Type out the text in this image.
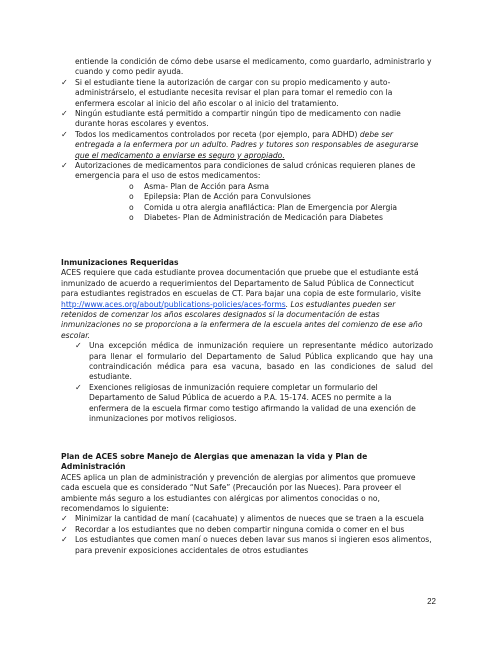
entiende la condición de cómo debe usarse el medicamento, como guardarlo, administrarlo y cuando y como pedir ayuda.
✓ Si el estudiante tiene la autorización de cargar con su propio medicamento y auto-administrárselo, el estudiante necesita revisar el plan para tomar el remedio con la enfermera escolar al inicio del año escolar o al inicio del tratamiento.
✓ Ningún estudiante está permitido a compartir ningún tipo de medicamento con nadie durante horas escolares y eventos.
✓ Todos los medicamentos controlados por receta (por ejemplo, para ADHD) debe ser entregada a la enfermera por un adulto. Padres y tutores son responsables de asegurarse que el medicamento a enviarse es seguro y apropiado.
✓ Autorizaciones de medicamentos para condiciones de salud crónicas requieren planes de emergencia para el uso de estos medicamentos:
o Asma- Plan de Acción para Asma
o Epilepsia: Plan de Acción para Convulsiones
o Comida u otra alergia anafiláctica: Plan de Emergencia por Alergia
o Diabetes- Plan de Administración de Medicación para Diabetes
Inmunizaciones Requeridas
ACES requiere que cada estudiante provea documentación que pruebe que el estudiante está inmunizado de acuerdo a requerimientos del Departamento de Salud Pública de Connecticut para estudiantes registrados en escuelas de CT. Para bajar una copia de este formulario, visite http://www.aces.org/about/publications-policies/aces-forms. Los estudiantes pueden ser retenidos de comenzar los años escolares designados si la documentación de estas inmunizaciones no se proporciona a la enfermera de la escuela antes del comienzo de ese año escolar.
✓ Una excepción médica de inmunización requiere un representante médico autorizado para llenar el formulario del Departamento de Salud Pública explicando que hay una contraindicación médica para esa vacuna, basado en las condiciones de salud del estudiante.
✓ Exenciones religiosas de inmunización requiere completar un formulario del Departamento de Salud Pública de acuerdo a P.A. 15-174. ACES no permite a la enfermera de la escuela firmar como testigo afirmando la validad de una exención de inmunizaciones por motivos religiosos.
Plan de ACES sobre Manejo de Alergias que amenazan la vida y Plan de Administración
ACES aplica un plan de administración y prevención de alergias por alimentos que promueve cada escuela que es considerado “Nut Safe” (Precaución por las Nueces). Para proveer el ambiente más seguro a los estudiantes con alérgicas por alimentos conocidas o no, recomendamos lo siguiente:
✓ Minimizar la cantidad de maní (cacahuate) y alimentos de nueces que se traen a la escuela
✓ Recordar a los estudiantes que no deben compartir ninguna comida o comer en el bus
✓ Los estudiantes que comen maní o nueces deben lavar sus manos si ingieren esos alimentos, para prevenir exposiciones accidentales de otros estudiantes
22
